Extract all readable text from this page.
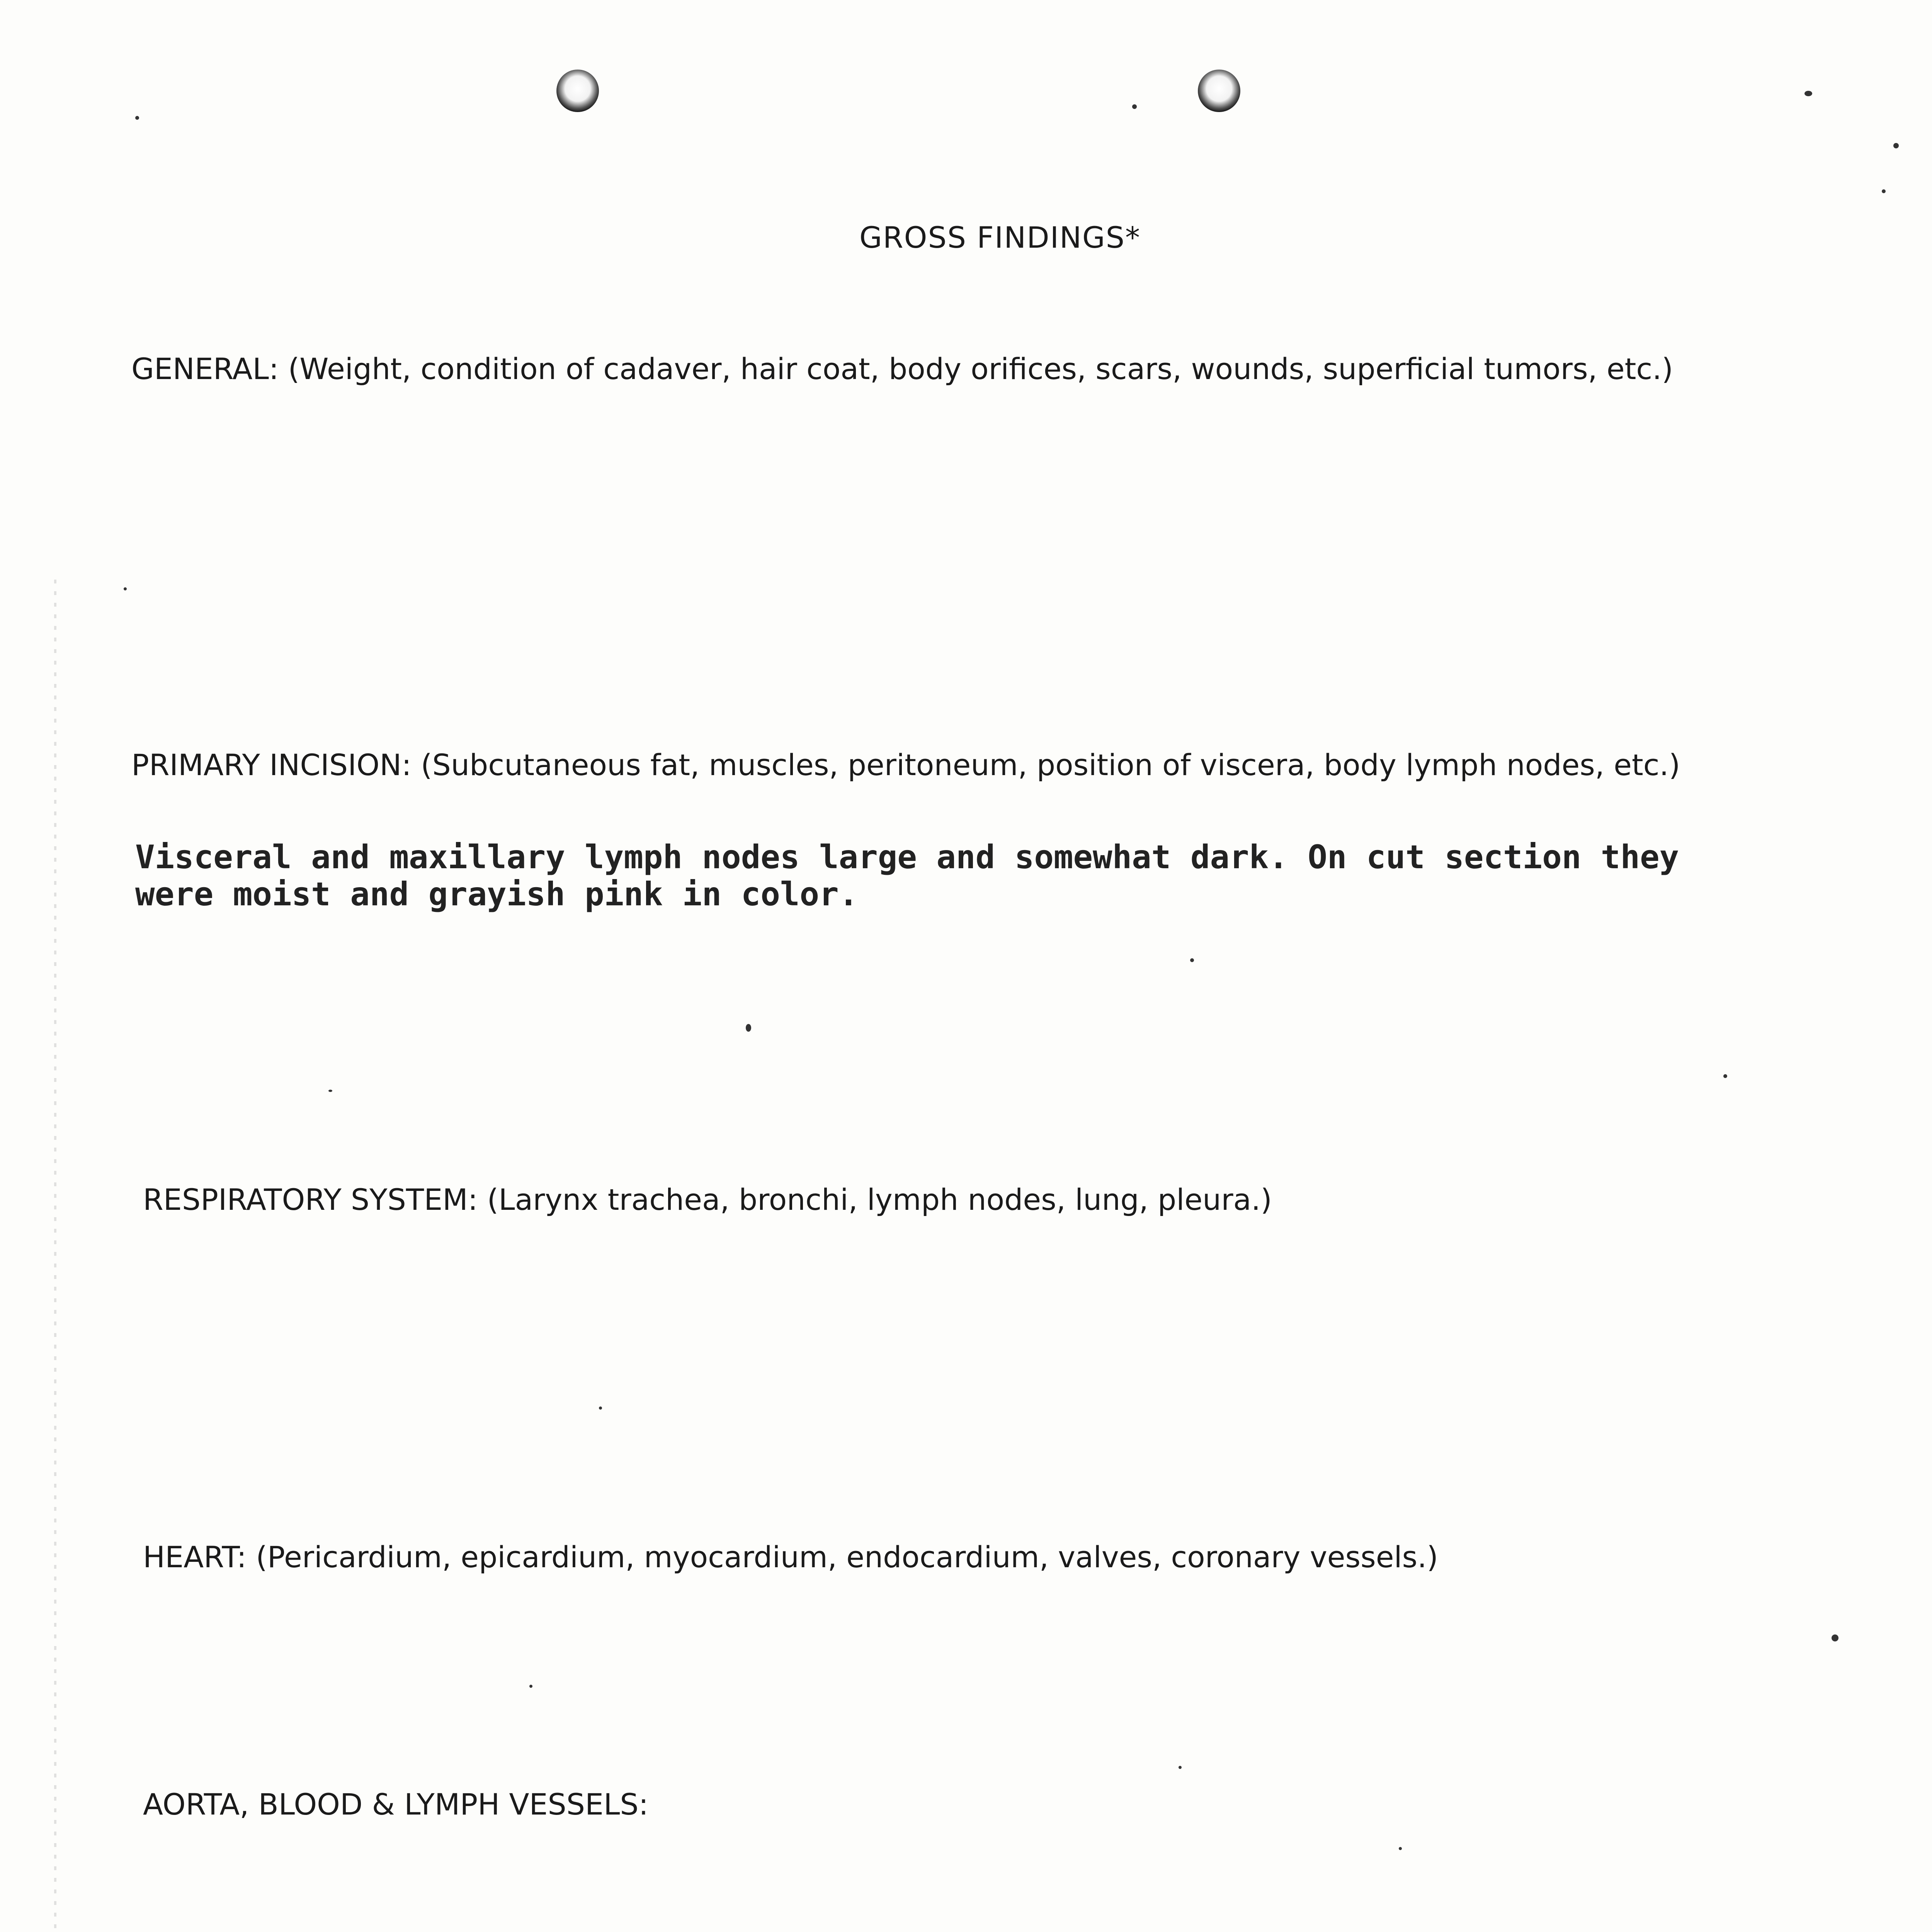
GROSS FINDINGS*
GENERAL: (Weight, condition of cadaver, hair coat, body orifices, scars, wounds, superficial tumors, etc.)
PRIMARY INCISION: (Subcutaneous fat, muscles, peritoneum, position of viscera, body lymph nodes, etc.)
Visceral and maxillary lymph nodes large and somewhat dark. On cut section they
were moist and grayish pink in color.
RESPIRATORY SYSTEM: (Larynx trachea, bronchi, lymph nodes, lung, pleura.)
HEART: (Pericardium, epicardium, myocardium, endocardium, valves, coronary vessels.)
AORTA, BLOOD & LYMPH VESSELS:
